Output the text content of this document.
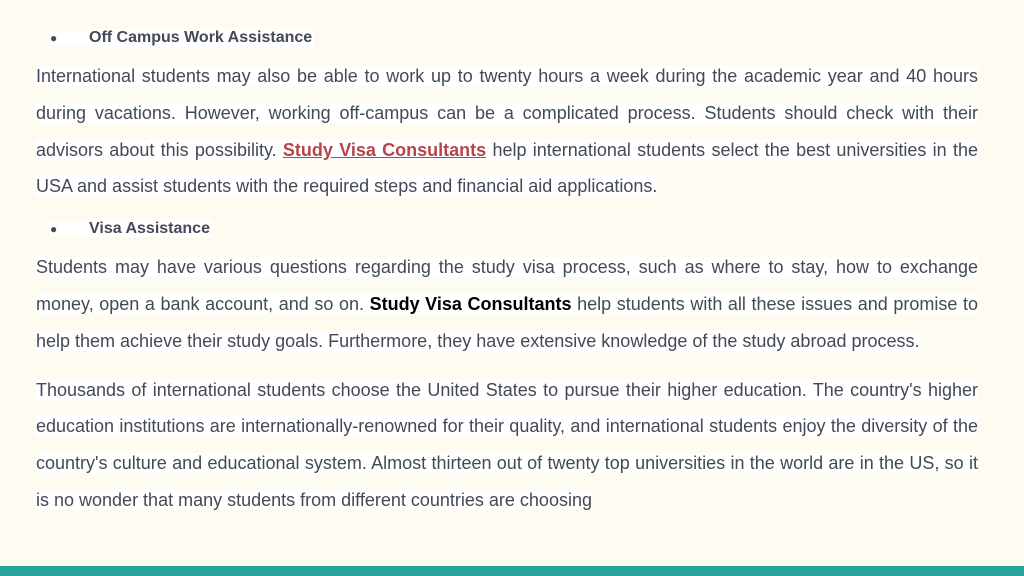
●	Off Campus Work Assistance

International students may also be able to work up to twenty hours a week during the academic year and 40 hours during vacations. However, working off-campus can be a complicated process. Students should check with their advisors about this possibility. Study Visa Consultants help international students select the best universities in the USA and assist students with the required steps and financial aid applications.

●	Visa Assistance

Students may have various questions regarding the study visa process, such as where to stay, how to exchange money, open a bank account, and so on. Study Visa Consultants help students with all these issues and promise to help them achieve their study goals. Furthermore, they have extensive knowledge of the study abroad process.

Thousands of international students choose the United States to pursue their higher education. The country's higher education institutions are internationally-renowned for their quality, and international students enjoy the diversity of the country's culture and educational system. Almost thirteen out of twenty top universities in the world are in the US, so it is no wonder that many students from different countries are choosing
